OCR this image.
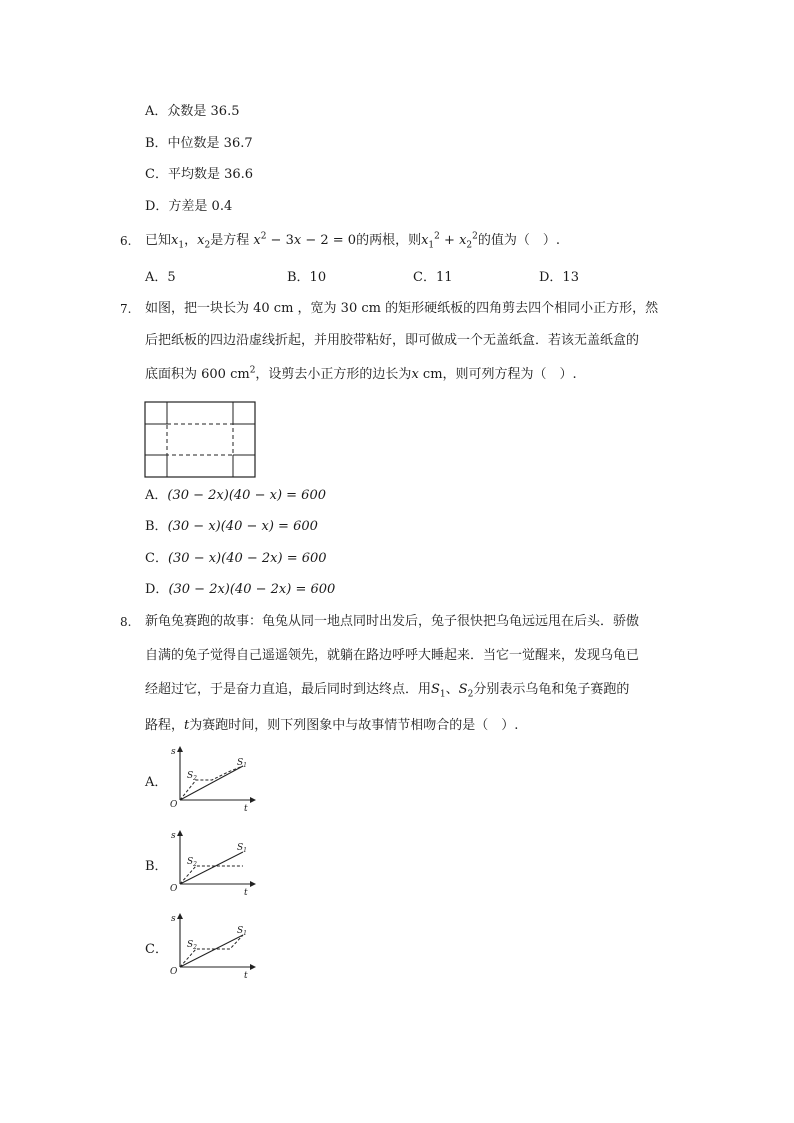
A．众数是 36.5
B．中位数是 36.7
C．平均数是 36.6
D．方差是 0.4
6. 已知$x_1$，$x_2$是方程 $x^2 - 3x - 2 = 0$的两根，则$x_1^2 + x_2^2$的值为（　）.
A．5	B．10	C．11	D．13
7. 如图，把一块长为 40 cm ，宽为 30 cm 的矩形硬纸板的四角剪去四个相同小正方形，然
后把纸板的四边沿虚线折起，并用胶带粘好，即可做成一个无盖纸盒．若该无盖纸盒的
底面积为 600 $cm^2$，设剪去小正方形的边长为x cm，则可列方程为（　）.
A．(30 − 2x)(40 − x) = 600
B．(30 − x)(40 − x) = 600
C．(30 − x)(40 − 2x) = 600
D．(30 − 2x)(40 − 2x) = 600
8. 新龟兔赛跑的故事：龟兔从同一地点同时出发后，兔子很快把乌龟远远甩在后头．骄傲
自满的兔子觉得自己遥遥领先，就躺在路边呼呼大睡起来．当它一觉醒来，发现乌龟已
经超过它，于是奋力直追，最后同时到达终点．用$S_1$、$S_2$分别表示乌龟和兔子赛跑的
路程，t为赛跑时间，则下列图象中与故事情节相吻合的是（　）.
A．
B．
C．
s
t
O
$S_1$
$S_2$
s
t
O
$S_1$
$S_2$
s
t
O
$S_1$
$S_2$
